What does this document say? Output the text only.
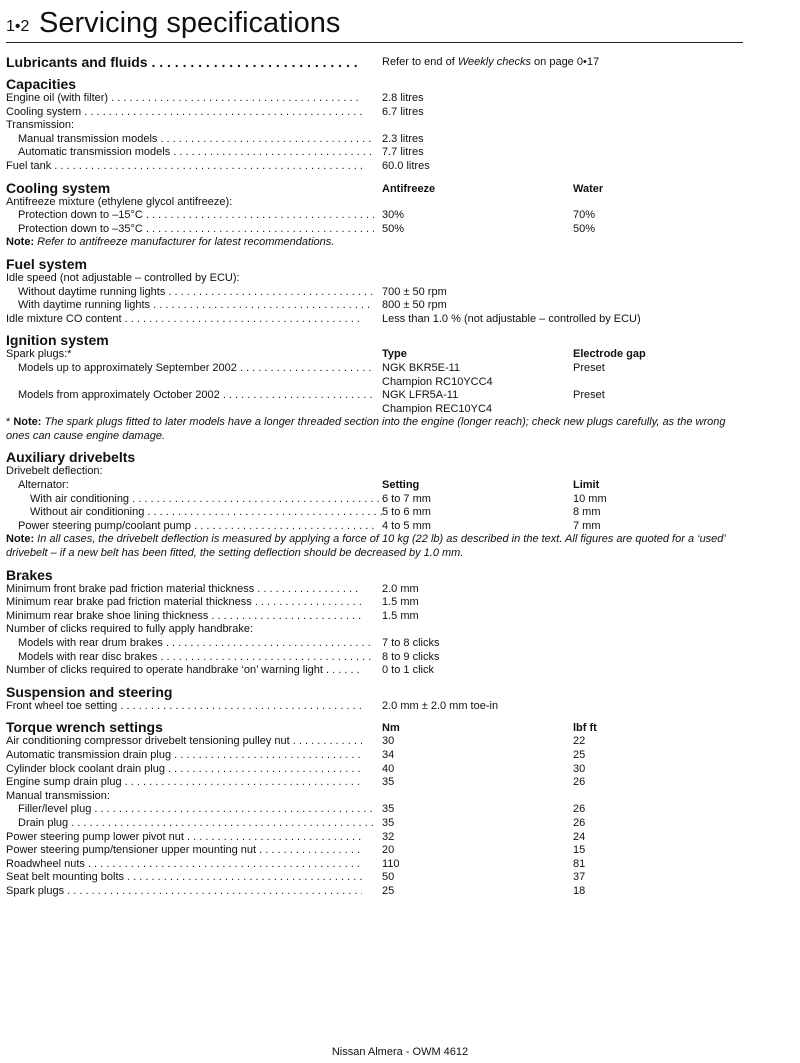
1•2 Servicing specifications
Lubricants and fluids . . .	Refer to end of Weekly checks on page 0•17
Capacities
Engine oil (with filter) . . .	2.8 litres
Cooling system . . .	6.7 litres
Transmission:
Manual transmission models . . .	2.3 litres
Automatic transmission models . . .	7.7 litres
Fuel tank . . .	60.0 litres
Cooling system	Antifreeze	Water
Antifreeze mixture (ethylene glycol antifreeze):
Protection down to –15°C . . .	30%	70%
Protection down to –35°C . . .	50%	50%

Note: Refer to antifreeze manufacturer for latest recommendations.

Fuel system
Idle speed (not adjustable – controlled by ECU):
Without daytime running lights . . .	700 ± 50 rpm
With daytime running lights . . .	800 ± 50 rpm
Idle mixture CO content . . .	Less than 1.0 % (not adjustable – controlled by ECU)
Ignition system
Spark plugs:*	Type	Electrode gap
Models up to approximately September 2002 . . .	NGK BKR5E-11	Preset
Champion RC10YCC4
Models from approximately October 2002 . . .	NGK LFR5A-11	Preset
Champion REC10YC4

* Note: The spark plugs fitted to later models have a longer threaded section into the engine (longer reach); check new plugs carefully, as the wrong ones can cause engine damage.

Auxiliary drivebelts
Drivebelt deflection:
Alternator:	Setting	Limit
With air conditioning . . .	6 to 7 mm	10 mm
Without air conditioning . . .	5 to 6 mm	8 mm
Power steering pump/coolant pump . . .	4 to 5 mm	7 mm

Note: In all cases, the drivebelt deflection is measured by applying a force of 10 kg (22 lb) as described in the text. All figures are quoted for a ‘used’ drivebelt – if a new belt has been fitted, the setting deflection should be decreased by 1.0 mm.

Brakes
Minimum front brake pad friction material thickness . . .	2.0 mm
Minimum rear brake pad friction material thickness . . .	1.5 mm
Minimum rear brake shoe lining thickness . . .	1.5 mm
Number of clicks required to fully apply handbrake:
Models with rear drum brakes . . .	7 to 8 clicks
Models with rear disc brakes . . .	8 to 9 clicks
Number of clicks required to operate handbrake ‘on’ warning light . . .	0 to 1 click
Suspension and steering
Front wheel toe setting . . .	2.0 mm ± 2.0 mm toe-in
Torque wrench settings	Nm	lbf ft
Air conditioning compressor drivebelt tensioning pulley nut . . .	30	22
Automatic transmission drain plug . . .	34	25
Cylinder block coolant drain plug . . .	40	30
Engine sump drain plug . . .	35	26
Manual transmission:
Filler/level plug . . .	35	26
Drain plug . . .	35	26
Power steering pump lower pivot nut . . .	32	24
Power steering pump/tensioner upper mounting nut . . .	20	15
Roadwheel nuts . . .	110	81
Seat belt mounting bolts . . .	50	37
Spark plugs . . .	25	18
Nissan Almera - OWM 4612
